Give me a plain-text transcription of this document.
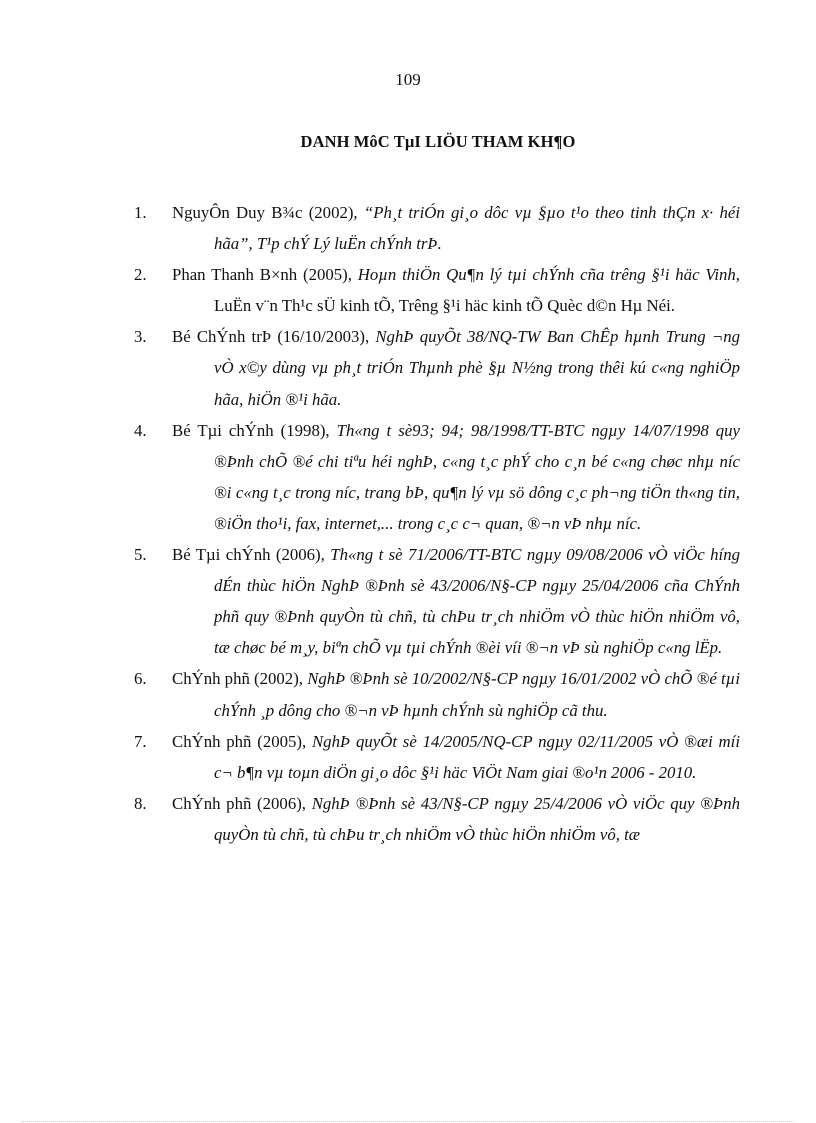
109
DANH MôC TµI LIÖU THAM KH¶O
1.	NguyÔn Duy B¾c (2002), “Ph¸t triÓn gi¸o dôc vµ §µo t¹o theo tinh thÇn x· héi hãa”, T¹p chÝ Lý luËn chÝnh trÞ.
2.	Phan Thanh B×nh (2005), Hoµn thiÖn Qu¶n lý tµi chÝnh cña trêng §¹i häc Vinh, LuËn v¨n Th¹c sÜ kinh tÕ, Trêng §¹i häc kinh tÕ Quèc d©n Hµ Néi.
3.	Bé ChÝnh trÞ (16/10/2003), NghÞ quyÕt 38/NQ-TW Ban ChÊp hµnh Trung ¬ng vÒ x©y dùng vµ ph¸t triÓn Thµnh phè §µ N½ng trong thêi kú c«ng nghiÖp hãa, hiÖn ®¹i hãa.
4.	Bé Tµi chÝnh (1998), Th«ng t sè93; 94; 98/1998/TT-BTC ngµy 14/07/1998 quy ®Þnh chÕ ®é chi tiªu héi nghÞ, c«ng t¸c phÝ cho c¸n bé c«ng chøc nhµ níc ®i c«ng t¸c trong níc, trang bÞ, qu¶n lý vµ sö dông c¸c ph¬ng tiÖn th«ng tin, ®iÖn tho¹i, fax, internet,... trong c¸c c¬ quan, ®¬n vÞ nhµ níc.
5.	Bé Tµi chÝnh (2006), Th«ng t sè 71/2006/TT-BTC ngµy 09/08/2006 vÒ viÖc híng dÉn thùc hiÖn NghÞ ®Þnh sè 43/2006/N§-CP ngµy 25/04/2006 cña ChÝnh phñ quy ®Þnh quyÒn tù chñ, tù chÞu tr¸ch nhiÖm vÒ thùc hiÖn nhiÖm vô, tæ chøc bé m¸y, biªn chÕ vµ tµi chÝnh ®èi víi ®¬n vÞ sù nghiÖp c«ng lËp.
6.	ChÝnh phñ (2002), NghÞ ®Þnh sè 10/2002/N§-CP ngµy 16/01/2002 vÒ chÕ ®é tµi chÝnh ¸p dông cho ®¬n vÞ hµnh chÝnh sù nghiÖp cã thu.
7.	ChÝnh phñ (2005), NghÞ quyÕt sè 14/2005/NQ-CP ngµy 02/11/2005 vÒ ®æi míi c¬ b¶n vµ toµn diÖn gi¸o dôc §¹i häc ViÖt Nam giai ®o¹n 2006 - 2010.
8.	ChÝnh phñ (2006), NghÞ ®Þnh sè 43/N§-CP ngµy 25/4/2006 vÒ viÖc quy ®Þnh quyÒn tù chñ, tù chÞu tr¸ch nhiÖm vÒ thùc hiÖn nhiÖm vô, tæ
